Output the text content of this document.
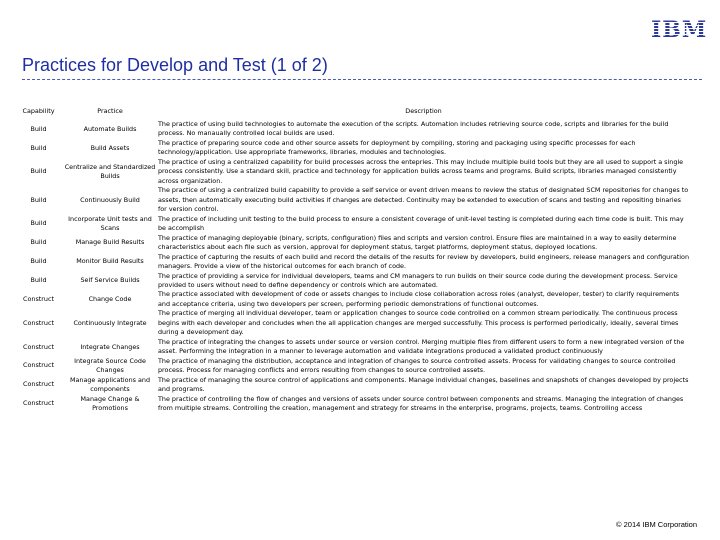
IBM
Practices for Develop and Test (1 of 2)
Capability	Practice	Description
Build	Automate Builds	The practice of using build technologies to automate the execution of the scripts. Automation includes retrieving source code, scripts and libraries for the build process. No manaually controlled local builds are used.
Build	Build Assets	The practice of preparing source code and other source assets for deployment by compiling, storing and packaging using specific processes for each technology/application. Use appropriate frameworks, libraries, modules and technologies.
Build	Centralize and Standardized Builds	The practice of using a centralized capability for build processes across the entepries. This may include multiple build tools but they are all used to support a single process consistently. Use a standard skill, practice and technology for application builds across teams and programs. Build scripts, libraries managed consistently across organization.
Build	Continuously Build	The practice of using a centralized build capability to provide a self service or event driven means to review the status of designated SCM repositories for changes to assets, then automatically executing build activities if changes are detected. Continuity may be extended to execution of scans and testing and repositing binaries for version control.
Build	Incorporate Unit tests and Scans	The practice of including unit testing to the build process to ensure a consistent coverage of unit-level testing is completed during each time code is built. This may be accomplish
Build	Manage Build Results	The practice of managing deployable (binary, scripts, configuration) files and scripts and version control. Ensure files are maintained in a way to easily determine characteristics about each file such as version, approval for deployment status, target platforms, deployment status, deployed locations.
Build	Monitor Build Results	The practice of capturing the results of each build and record the details of the results for review by developers, build engineers, release managers and configuration managers. Provide a view of the historical outcomes for each branch of code.
Build	Self Service Builds	The practice of providing a service for individual developers, teams and CM managers to run builds on their source code during the development process. Service provided to users without need to define dependency or controls which are automated.
Construct	Change Code	The practice associated with development of code or assets changes to include close collaboration across roles (analyst, developer, tester) to clarify requirements and acceptance criteria, using two developers per screen, performing periodic demonstrations of functional outcomes.
Construct	Continuously Integrate	The practice of merging all individual developer, team or application changes to source code controlled on a common stream periodically. The continuous process begins with each developer and concludes when the all application changes are merged successfully. This process is performed periodically, ideally, several times during a development day.
Construct	Integrate Changes	The practice of integrating the changes to assets under source or version control. Merging multiple files from different users to form a new integrated version of the asset. Performing the integration in a manner to leverage automation and validate integrations produced a validated product continuously
Construct	Integrate Source Code Changes	The practice of managing the distribution, acceptance and integration of changes to source controlled assets. Process for validating changes to source controlled process. Process for managing conflicts and errors resulting from changes to source controlled assets.
Construct	Manage applications and components	The practice of managing the source control of applications and components. Manage individual changes, baselines and snapshots of changes developed by projects and programs.
Construct	Manage Change & Promotions	The practice of controlling the flow of changes and versions of assets under source control between components and streams. Managing the integration of changes from multiple streams. Controlling the creation, management and strategy for streams in the enterprise, programs, projects, teams. Controlling access
© 2014 IBM Corporation
